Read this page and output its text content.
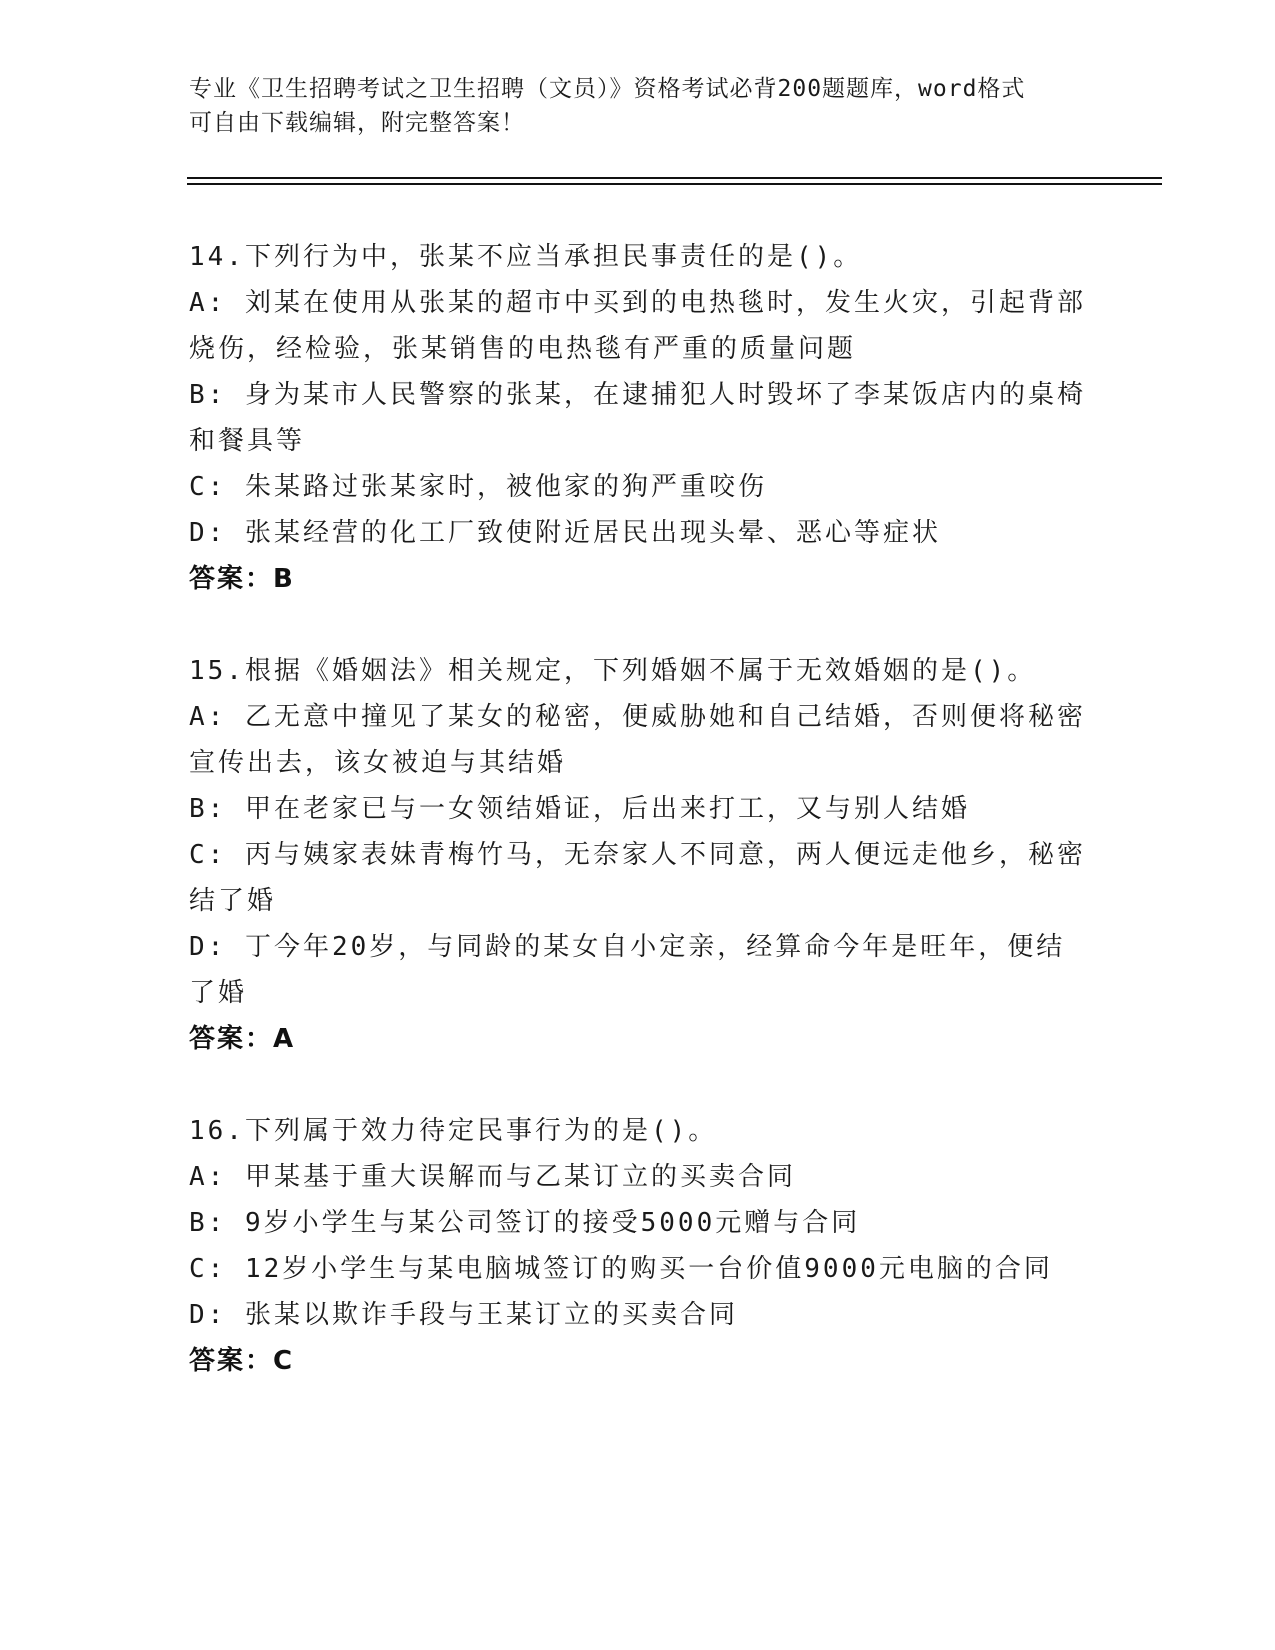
专业《卫生招聘考试之卫生招聘（文员）》资格考试必背200题题库，word格式
可自由下载编辑，附完整答案！

14.下列行为中，张某不应当承担民事责任的是()。

A: 刘某在使用从张某的超市中买到的电热毯时，发生火灾，引起背部烧伤，经检验，张某销售的电热毯有严重的质量问题

B: 身为某市人民警察的张某，在逮捕犯人时毁坏了李某饭店内的桌椅和餐具等

C: 朱某路过张某家时，被他家的狗严重咬伤

D: 张某经营的化工厂致使附近居民出现头晕、恶心等症状

答案：B

15.根据《婚姻法》相关规定，下列婚姻不属于无效婚姻的是()。

A: 乙无意中撞见了某女的秘密，便威胁她和自己结婚，否则便将秘密宣传出去，该女被迫与其结婚

B: 甲在老家已与一女领结婚证，后出来打工，又与别人结婚

C: 丙与姨家表妹青梅竹马，无奈家人不同意，两人便远走他乡，秘密结了婚

D: 丁今年20岁，与同龄的某女自小定亲，经算命今年是旺年，便结了婚

答案：A

16.下列属于效力待定民事行为的是()。

A: 甲某基于重大误解而与乙某订立的买卖合同

B: 9岁小学生与某公司签订的接受5000元赠与合同

C: 12岁小学生与某电脑城签订的购买一台价值9000元电脑的合同

D: 张某以欺诈手段与王某订立的买卖合同

答案：C
